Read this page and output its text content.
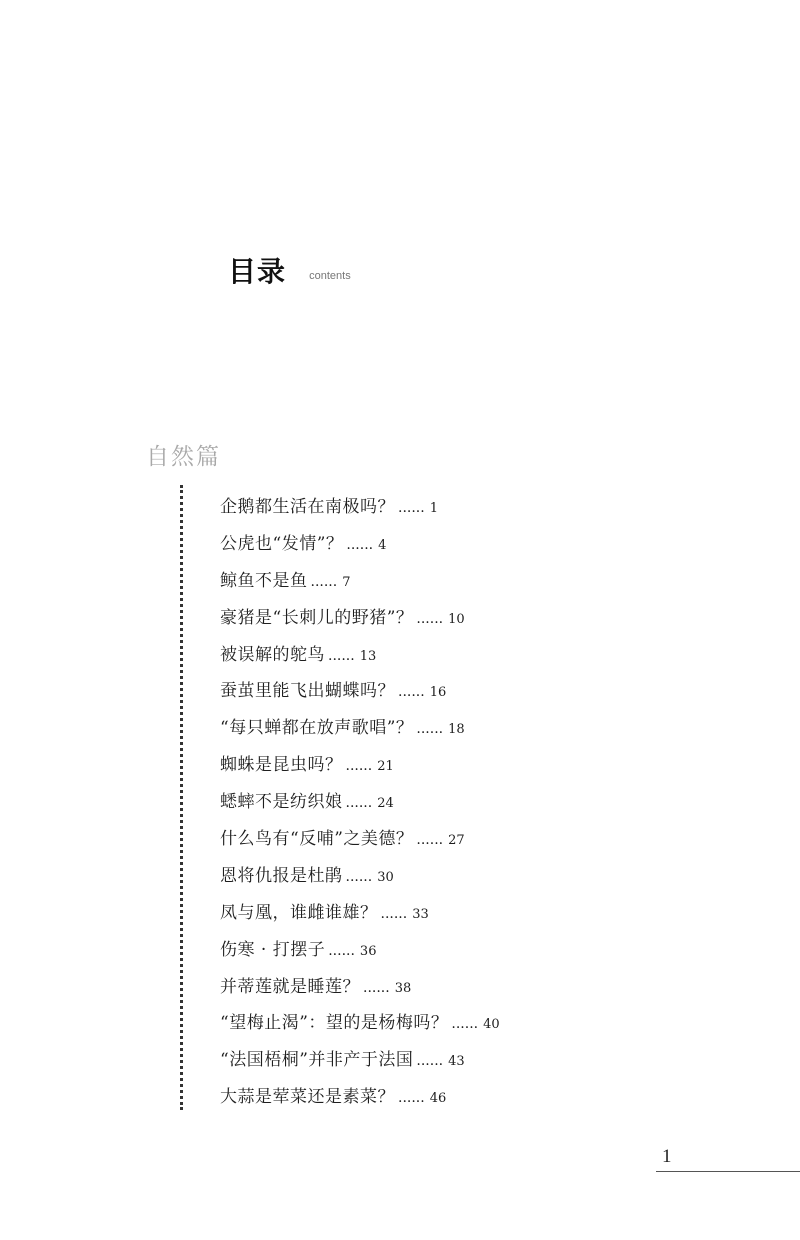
目录 contents
自然篇
企鹅都生活在南极吗？ ...... 1
公虎也“发情”？ ...... 4
鲸鱼不是鱼 ...... 7
豪猪是“长刺儿的野猪”？ ...... 10
被误解的鸵鸟 ...... 13
蚕茧里能飞出蝴蝶吗？ ...... 16
“每只蝉都在放声歌唱”？ ...... 18
蜘蛛是昆虫吗？ ...... 21
蟋蟀不是纺织娘 ...... 24
什么鸟有“反哺”之美德？ ...... 27
恩将仇报是杜鹃 ...... 30
凤与凰，谁雌谁雄？ ...... 33
伤寒 · 打摆子 ...... 36
并蒂莲就是睡莲？ ...... 38
“望梅止渴”：望的是杨梅吗？ ...... 40
“法国梧桐”并非产于法国 ...... 43
大蒜是荤菜还是素菜？ ...... 46
1
